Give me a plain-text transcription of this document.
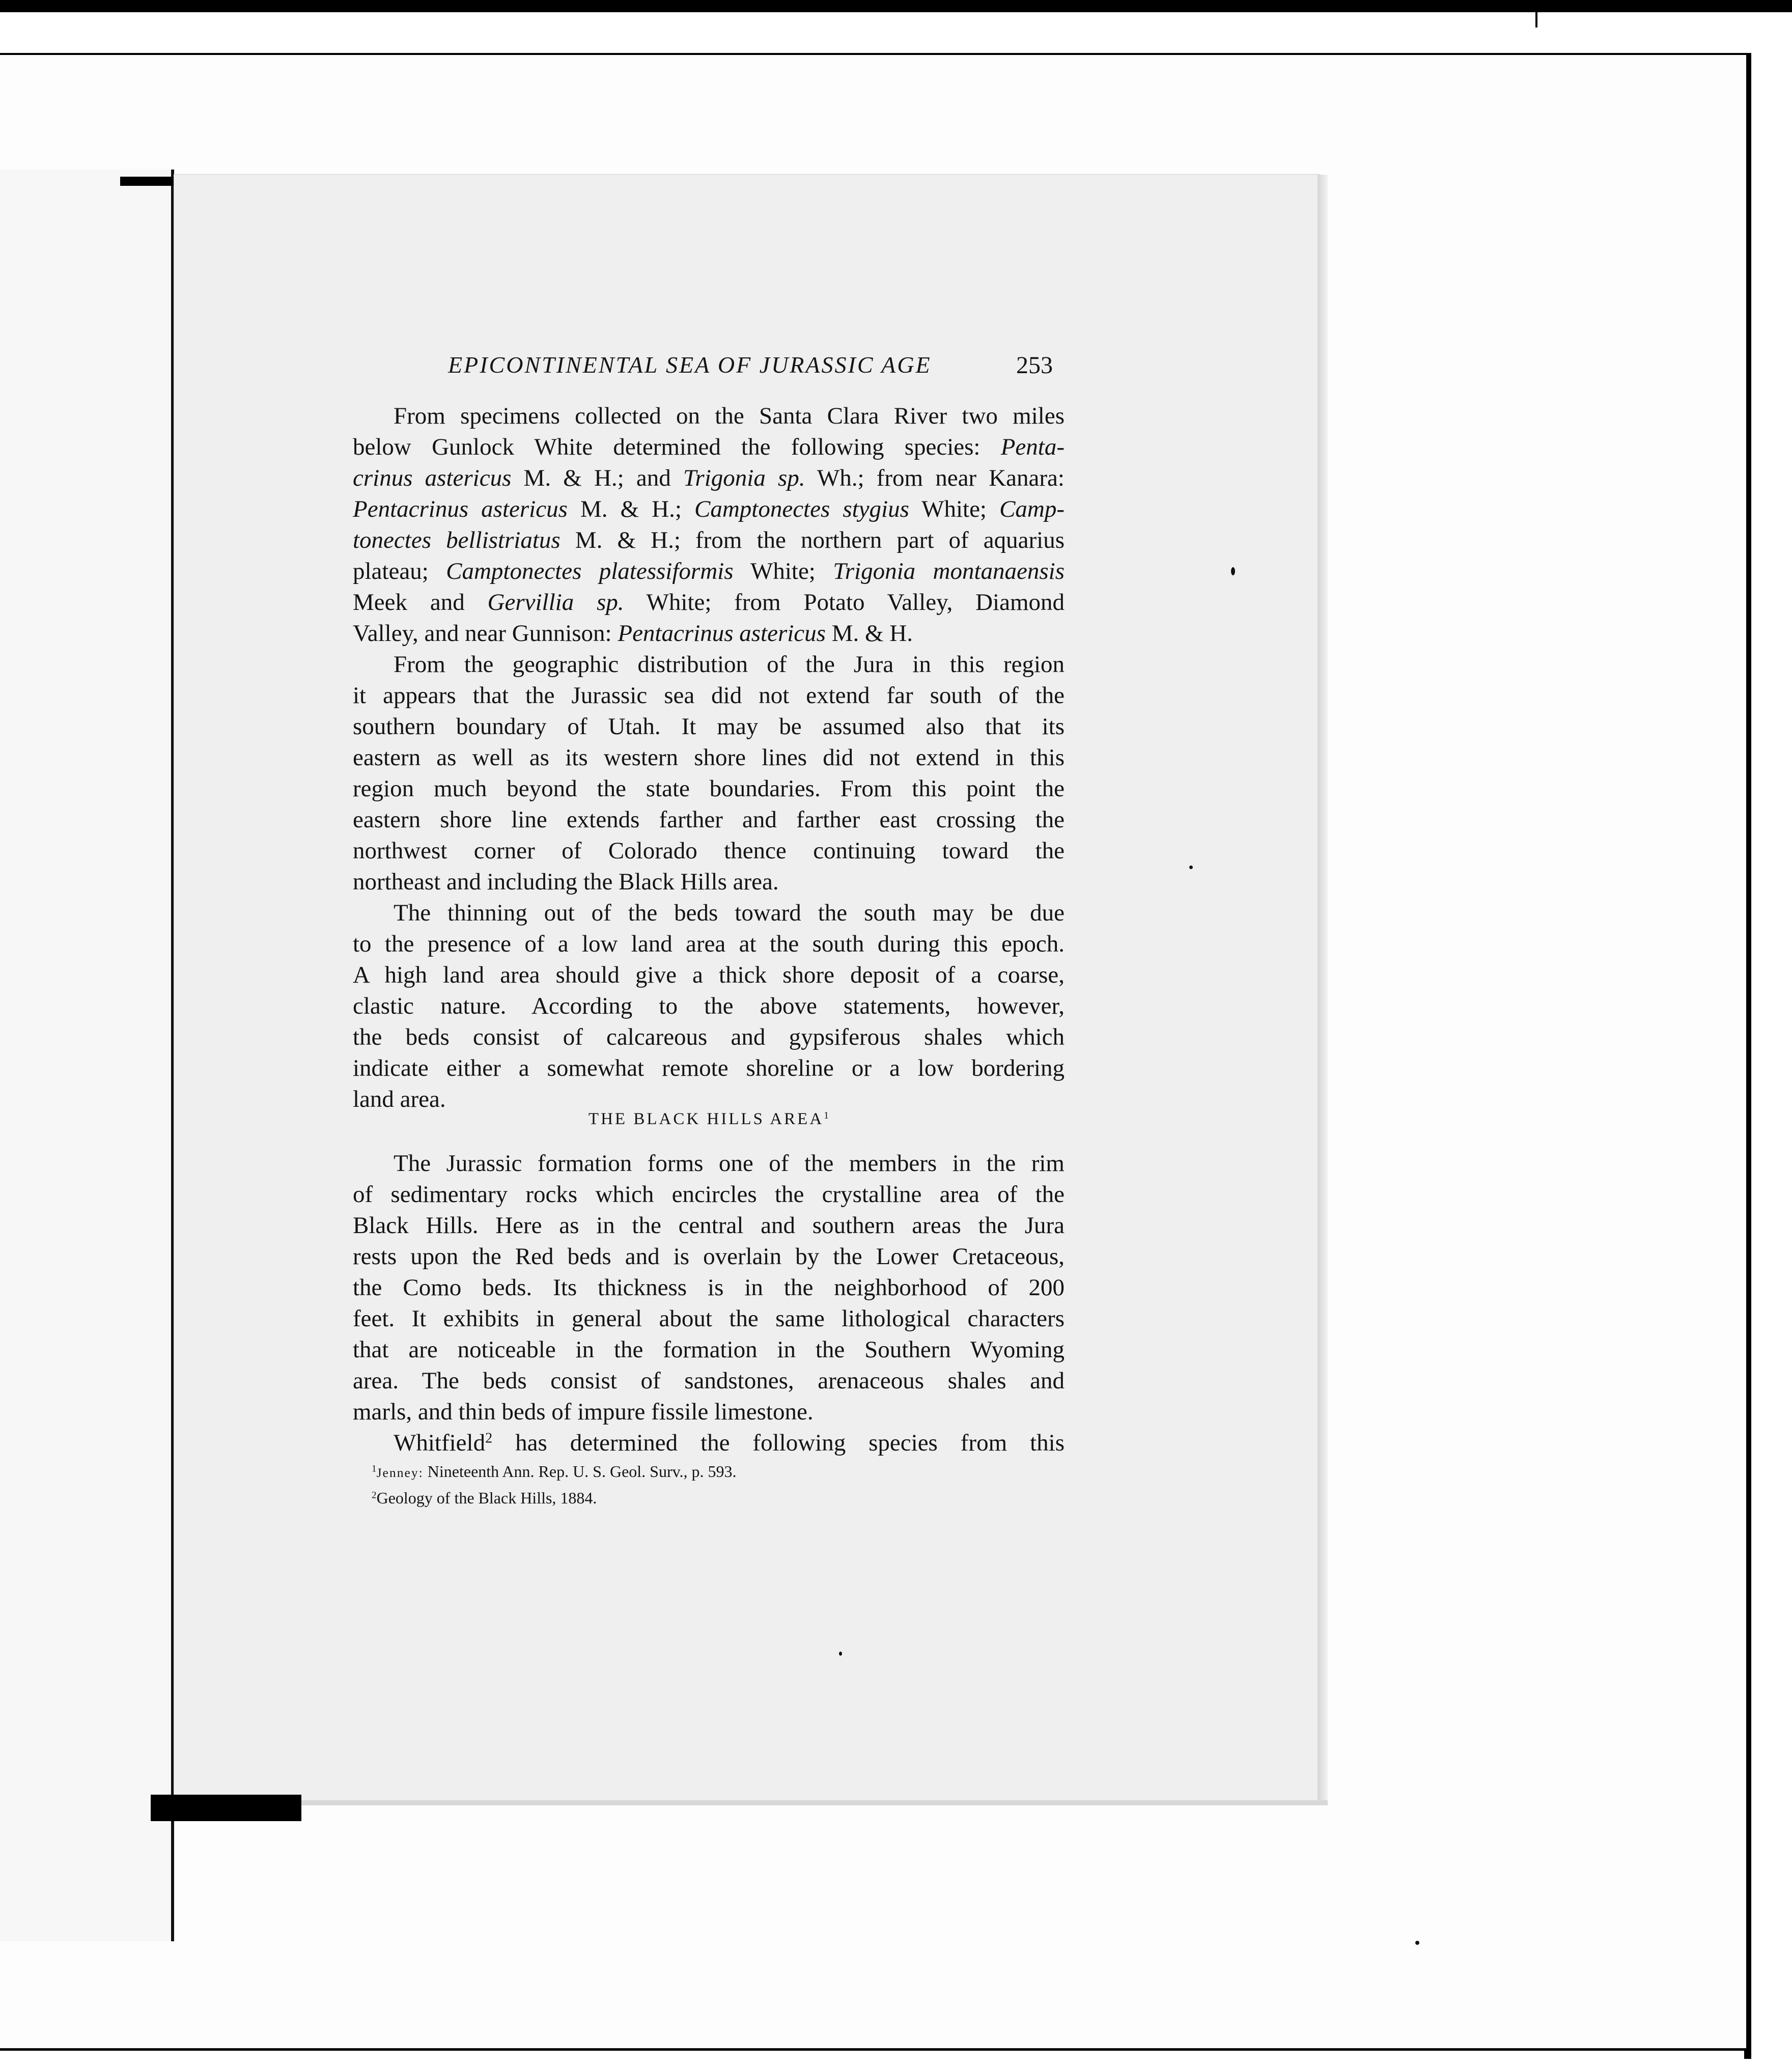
EPICONTINENTAL SEA OF JURASSIC AGE	253
From specimens collected on the Santa Clara River two miles
below Gunlock White determined the following species: Penta-
crinus astericus M. & H.; and Trigonia sp. Wh.; from near Kanara:
Pentacrinus astericus M. & H.; Camptonectes stygius White; Camp-
tonectes bellistriatus M. & H.; from the northern part of aquarius
plateau; Camptonectes platessiformis White; Trigonia montanaensis
Meek and Gervillia sp. White; from Potato Valley, Diamond
Valley, and near Gunnison: Pentacrinus astericus M. & H.
From the geographic distribution of the Jura in this region
it appears that the Jurassic sea did not extend far south of the
southern boundary of Utah. It may be assumed also that its
eastern as well as its western shore lines did not extend in this
region much beyond the state boundaries. From this point the
eastern shore line extends farther and farther east crossing the
northwest corner of Colorado thence continuing toward the
northeast and including the Black Hills area.
The thinning out of the beds toward the south may be due
to the presence of a low land area at the south during this epoch.
A high land area should give a thick shore deposit of a coarse,
clastic nature. According to the above statements, however,
the beds consist of calcareous and gypsiferous shales which
indicate either a somewhat remote shoreline or a low bordering
land area.
THE BLACK HILLS AREA$^1$
The Jurassic formation forms one of the members in the rim
of sedimentary rocks which encircles the crystalline area of the
Black Hills. Here as in the central and southern areas the Jura
rests upon the Red beds and is overlain by the Lower Cretaceous,
the Como beds. Its thickness is in the neighborhood of 200
feet. It exhibits in general about the same lithological characters
that are noticeable in the formation in the Southern Wyoming
area. The beds consist of sandstones, arenaceous shales and
marls, and thin beds of impure fissile limestone.
Whitfield$^2$ has determined the following species from this
$^1$Jenney: Nineteenth Ann. Rep. U. S. Geol. Surv., p. 593.
$^2$Geology of the Black Hills, 1884.
